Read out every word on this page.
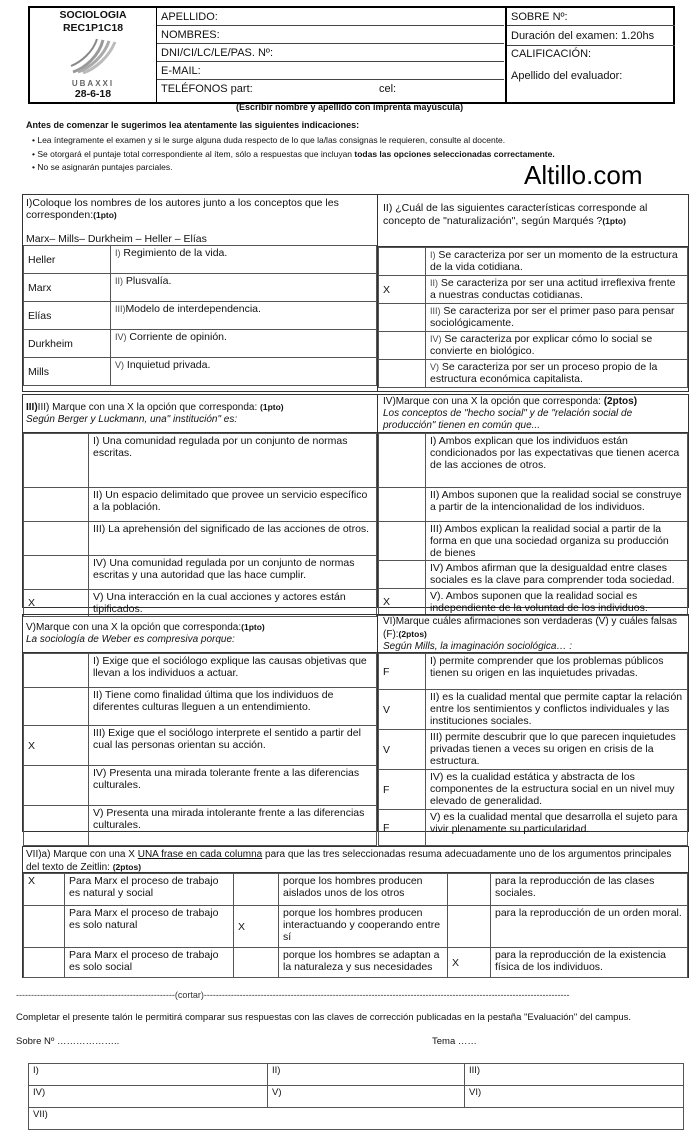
SOCIOLOGIA
REC1P1C18
UBAXXI
28-6-18
APELLIDO:
NOMBRES:
DNI/CI/LC/LE/PAS. Nº:
E-MAIL:
TELÉFONOS part:	cel:
SOBRE Nº:
Duración del examen: 1.20hs
CALIFICACIÓN:
Apellido del evaluador:
(Escribir nombre y apellido con imprenta mayúscula)
Antes de comenzar le sugerimos lea atentamente las siguientes indicaciones:
• Lea íntegramente el examen y si le surge alguna duda respecto de lo que la/las consignas le requieren, consulte al docente.
• Se otorgará el puntaje total correspondiente al ítem, sólo a respuestas que incluyan todas las opciones seleccionadas correctamente.
• No se asignarán puntajes parciales.	Altillo.com
I)Coloque los nombres de los autores junto a los conceptos que les corresponden:(1pto)

Marx– Mills– Durkheim – Heller – Elías
Heller	I) Regimiento de la vida.
Marx	II) Plusvalía.
Elías	III)Modelo de interdependencia.
Durkheim	IV) Corriente de opinión.
Mills	V) Inquietud privada.
II) ¿Cuál de las siguientes características corresponde al concepto de "naturalización", según Marqués ?(1pto)
	I) Se caracteriza por ser un momento de la estructura de la vida cotidiana.
X	II) Se caracteriza por ser una actitud irreflexiva frente a nuestras conductas cotidianas.
	III) Se caracteriza por ser el primer paso para pensar sociológicamente.
	IV) Se caracteriza por explicar cómo lo social se convierte en biológico.
	V) Se caracteriza por ser un proceso propio de la estructura económica capitalista.
III)III) Marque con una X la opción que corresponda: (1pto)
Según Berger y Luckmann, una" institución" es:
	I) Una comunidad regulada por un conjunto de normas escritas.
	II) Un espacio delimitado que provee un servicio específico a la población.
	III) La aprehensión del significado de las acciones de otros.
	IV) Una comunidad regulada por un conjunto de normas escritas y una autoridad que las hace cumplir.
X	V) Una interacción en la cual acciones y actores están tipificados.
IV)Marque con una X la opción que corresponda: (2ptos)
Los conceptos de "hecho social" y de "relación social de producción" tienen en común que...
	I) Ambos explican que los individuos están condicionados por las expectativas que tienen acerca de las acciones de otros.
	II) Ambos suponen que la realidad social se construye a partir de la intencionalidad de los individuos.
	III) Ambos explican la realidad social a partir de la forma en que una sociedad organiza su producción de bienes
	IV) Ambos afirman que la desigualdad entre clases sociales es la clave para comprender toda sociedad.
X	V). Ambos suponen que la realidad social es independiente de la voluntad de los individuos.
V)Marque con una X la opción que corresponda:(1pto)
La sociología de Weber es compresiva porque:
	I) Exige que el sociólogo explique las causas objetivas que llevan a los individuos a actuar.
	II) Tiene como finalidad última que los individuos de diferentes culturas lleguen a un entendimiento.
X	III) Exige que el sociólogo interprete el sentido a partir del cual las personas orientan su acción.
	IV) Presenta una mirada tolerante frente a las diferencias culturales.
	V) Presenta una mirada intolerante frente a las diferencias culturales.
VI)Marque cuáles afirmaciones son verdaderas (V) y cuáles falsas (F):(2ptos)
Según Mills, la imaginación sociológica… :
F	I) permite comprender que los problemas públicos tienen su origen en las inquietudes privadas.
V	II) es la cualidad mental que permite captar la relación entre los sentimientos y conflictos individuales y las instituciones sociales.
V	III) permite descubrir que lo que parecen inquietudes privadas tienen a veces su origen en crisis de la estructura.
F	IV) es la cualidad estática y abstracta de los componentes de la estructura social en un nivel muy elevado de generalidad.
F	V) es la cualidad mental que desarrolla el sujeto para vivir plenamente su particularidad.
VII)a) Marque con una X UNA frase en cada columna para que las tres seleccionadas resuma adecuadamente uno de los argumentos principales del texto de Zeitlin: (2ptos)
X	Para Marx el proceso de trabajo es natural y social		porque los hombres producen aislados unos de los otros		para la reproducción de las clases sociales.
	Para Marx el proceso de trabajo es solo natural	X	porque los hombres producen interactuando y cooperando entre sí		para la reproducción de un orden moral.
	Para Marx el proceso de trabajo es solo social		porque los hombres se adaptan a la naturaleza y sus necesidades	X	para la reproducción de la existencia física de los individuos.
-----------------------------------------------------(cortar)--------------------------------------------------------------------------------------------------------------------------
Completar el presente talón le permitirá comparar sus respuestas con las claves de corrección publicadas en la pestaña "Evaluación" del campus.
Sobre Nº ………………..	Tema ……
I)	II)	III)
IV)	V)	VI)
VII)		
